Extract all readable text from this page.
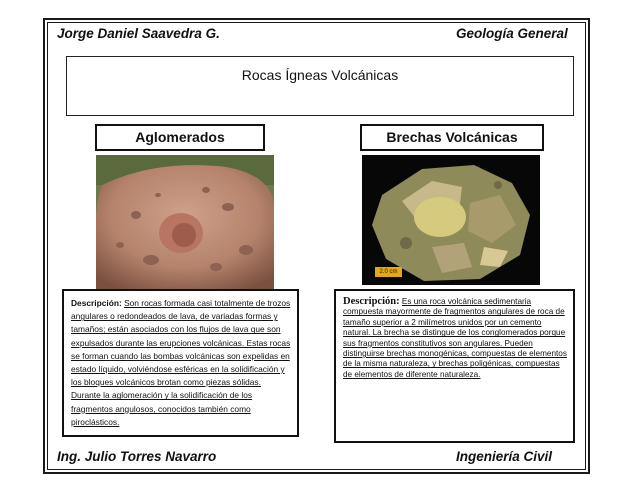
Jorge Daniel Saavedra G.	Geología General
Rocas Ígneas Volcánicas
Aglomerados	Brechas Volcánicas
2.0 cm

Descripción: Son rocas formada casi totalmente de trozos angulares o redondeados de lava, de variadas formas y tamaños; están asociados con los flujos de lava que son expulsados durante las erupciones volcánicas. Estas rocas se forman cuando las bombas volcánicas son expelidas en estado líquido, volviéndose esféricas en la solidificación y los bloques volcánicos brotan como piezas sólidas. Durante la aglomeración y la solidificación de los fragmentos angulosos, conocidos también como piroclásticos.

Descripción: Es una roca volcánica sedimentaria compuesta mayormente de fragmentos angulares de roca de tamaño superior a 2 milímetros unidos por un cemento natural. La brecha se distingue de los conglomerados porque sus fragmentos constitutivos son angulares. Pueden distinguirse brechas monogénicas, compuestas de elementos de la misma naturaleza, y brechas poligénicas, compuestas de elementos de diferente naturaleza.

Ing. Julio Torres Navarro	Ingeniería Civil
